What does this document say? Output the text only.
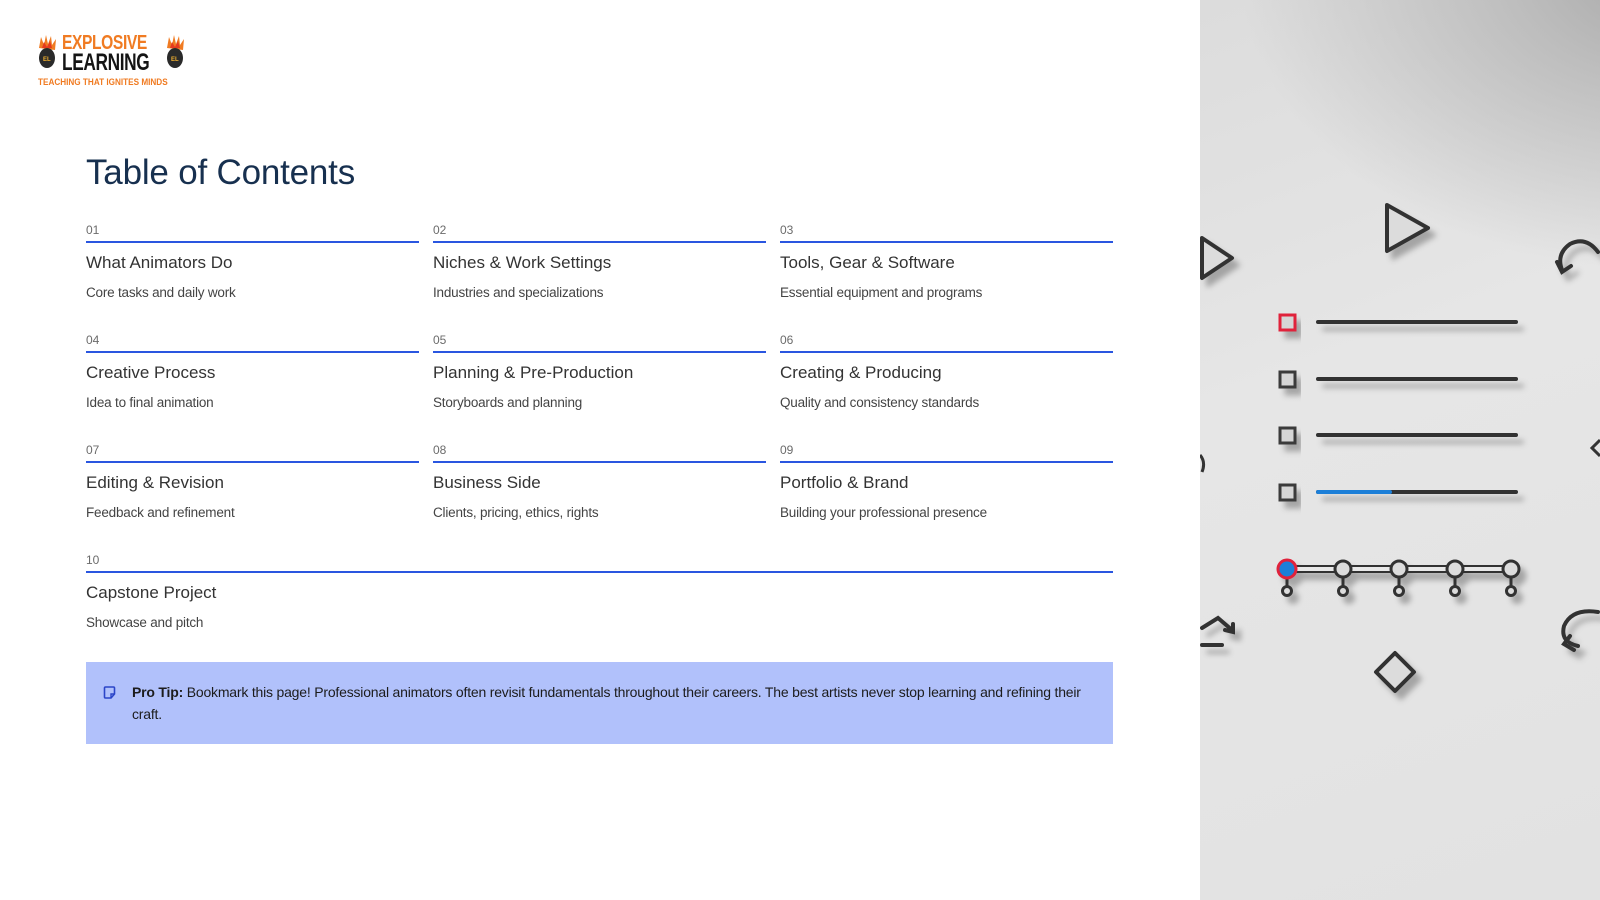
EL
EXPLOSIVE
LEARNING	EL
TEACHING THAT IGNITES MINDS
Table of Contents
01
What Animators Do
Core tasks and daily work
02
Niches & Work Settings
Industries and specializations
03
Tools, Gear & Software
Essential equipment and programs
04
Creative Process
Idea to final animation
05
Planning & Pre-Production
Storyboards and planning
06
Creating & Producing
Quality and consistency standards
07
Editing & Revision
Feedback and refinement
08
Business Side
Clients, pricing, ethics, rights
09
Portfolio & Brand
Building your professional presence
10
Capstone Project
Showcase and pitch

Pro Tip: Bookmark this page! Professional animators often revisit fundamentals throughout their careers. The best artists never stop learning and refining their craft.
